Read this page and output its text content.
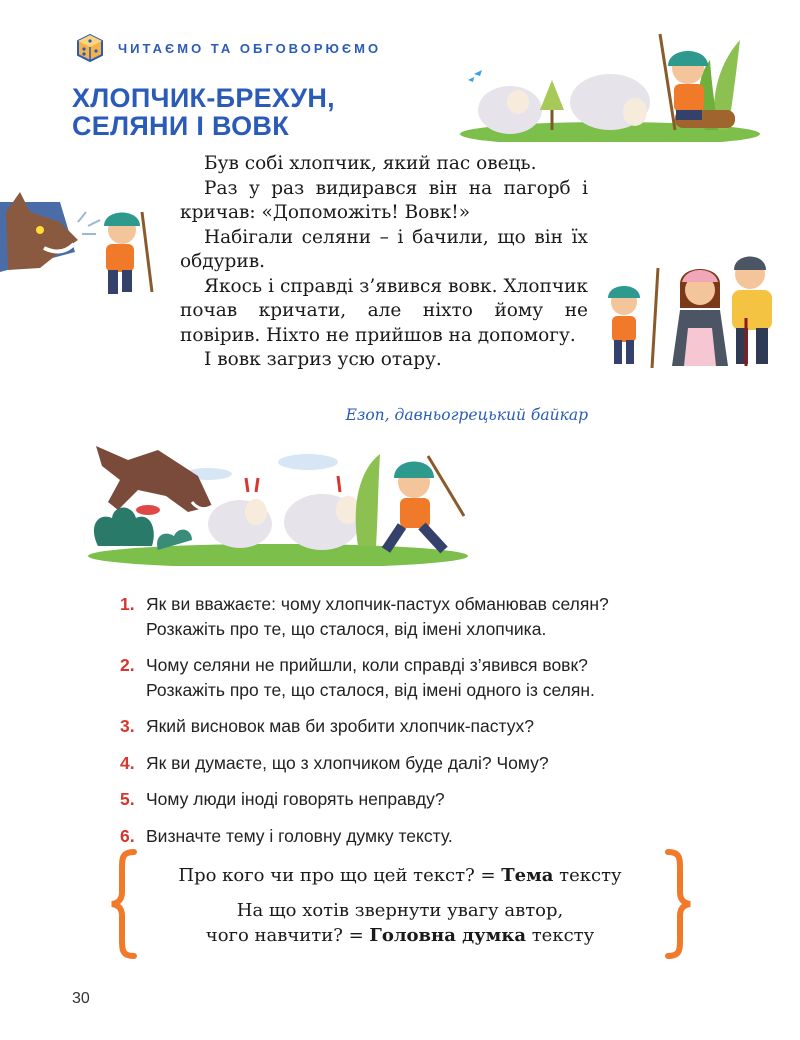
ЧИТАЄМО ТА ОБГОВОРЮЄМО
ХЛОПЧИК-БРЕХУН,
СЕЛЯНИ І ВОВК

Був собі хлопчик, який пас овець.

Раз у раз видирався він на пагорб і кричав: «Допоможіть! Вовк!»

Набігали селяни – і бачили, що він їх обдурив.

Якось і справді з’явився вовк. Хлопчик почав кричати, але ніхто йому не повірив. Ніхто не прийшов на допомогу.

І вовк загриз усю отару.

Езоп, давньогрецький байкар
1. Як ви вважаєте: чому хлопчик-пастух обманював селян?
Розкажіть про те, що сталося, від імені хлопчика.
2. Чому селяни не прийшли, коли справді з’явився вовк?
Розкажіть про те, що сталося, від імені одного із селян.
3. Який висновок мав би зробити хлопчик-пастух?
4. Як ви думаєте, що з хлопчиком буде далі? Чому?
5. Чому люди іноді говорять неправду?
6. Визначте тему і головну думку тексту.
Про кого чи про що цей текст? = Тема тексту
На що хотів звернути увагу автор,
чого навчити? = Головна думка тексту
30
